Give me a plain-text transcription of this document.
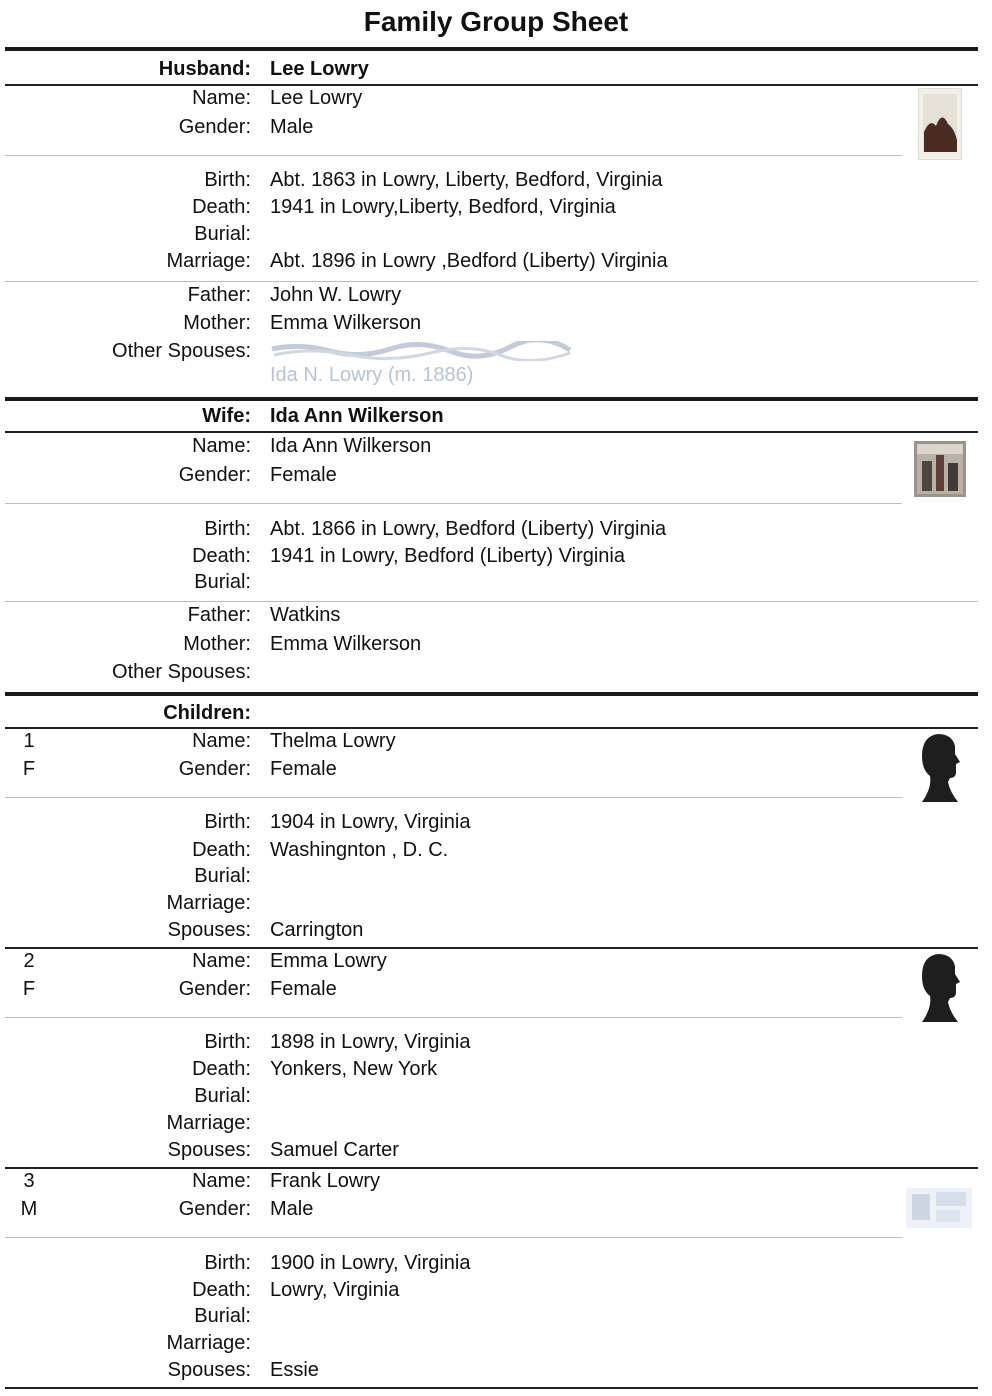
Family Group Sheet
Husband: Lee Lowry
Name: Lee Lowry
Gender: Male
Birth: Abt. 1863 in Lowry, Liberty, Bedford, Virginia
Death: 1941 in Lowry,Liberty, Bedford, Virginia
Burial:
Marriage: Abt. 1896 in Lowry ,Bedford (Liberty) Virginia
Father: John W. Lowry
Mother: Emma Wilkerson
Other Spouses:
Ida N. Lowry (m. 1886)
Wife: Ida Ann Wilkerson
Name: Ida Ann Wilkerson
Gender: Female
Birth: Abt. 1866 in Lowry, Bedford (Liberty) Virginia
Death: 1941 in Lowry, Bedford (Liberty) Virginia
Burial:
Father: Watkins
Mother: Emma Wilkerson
Other Spouses:
Children:
1	Name: Thelma Lowry
F	Gender: Female
Birth: 1904 in Lowry, Virginia
Death: Washingnton , D. C.
Burial:
Marriage:
Spouses: Carrington
2	Name: Emma Lowry
F	Gender: Female
Birth: 1898 in Lowry, Virginia
Death: Yonkers, New York
Burial:
Marriage:
Spouses: Samuel Carter
3	Name: Frank Lowry
M	Gender: Male
Birth: 1900 in Lowry, Virginia
Death: Lowry, Virginia
Burial:
Marriage:
Spouses: Essie
